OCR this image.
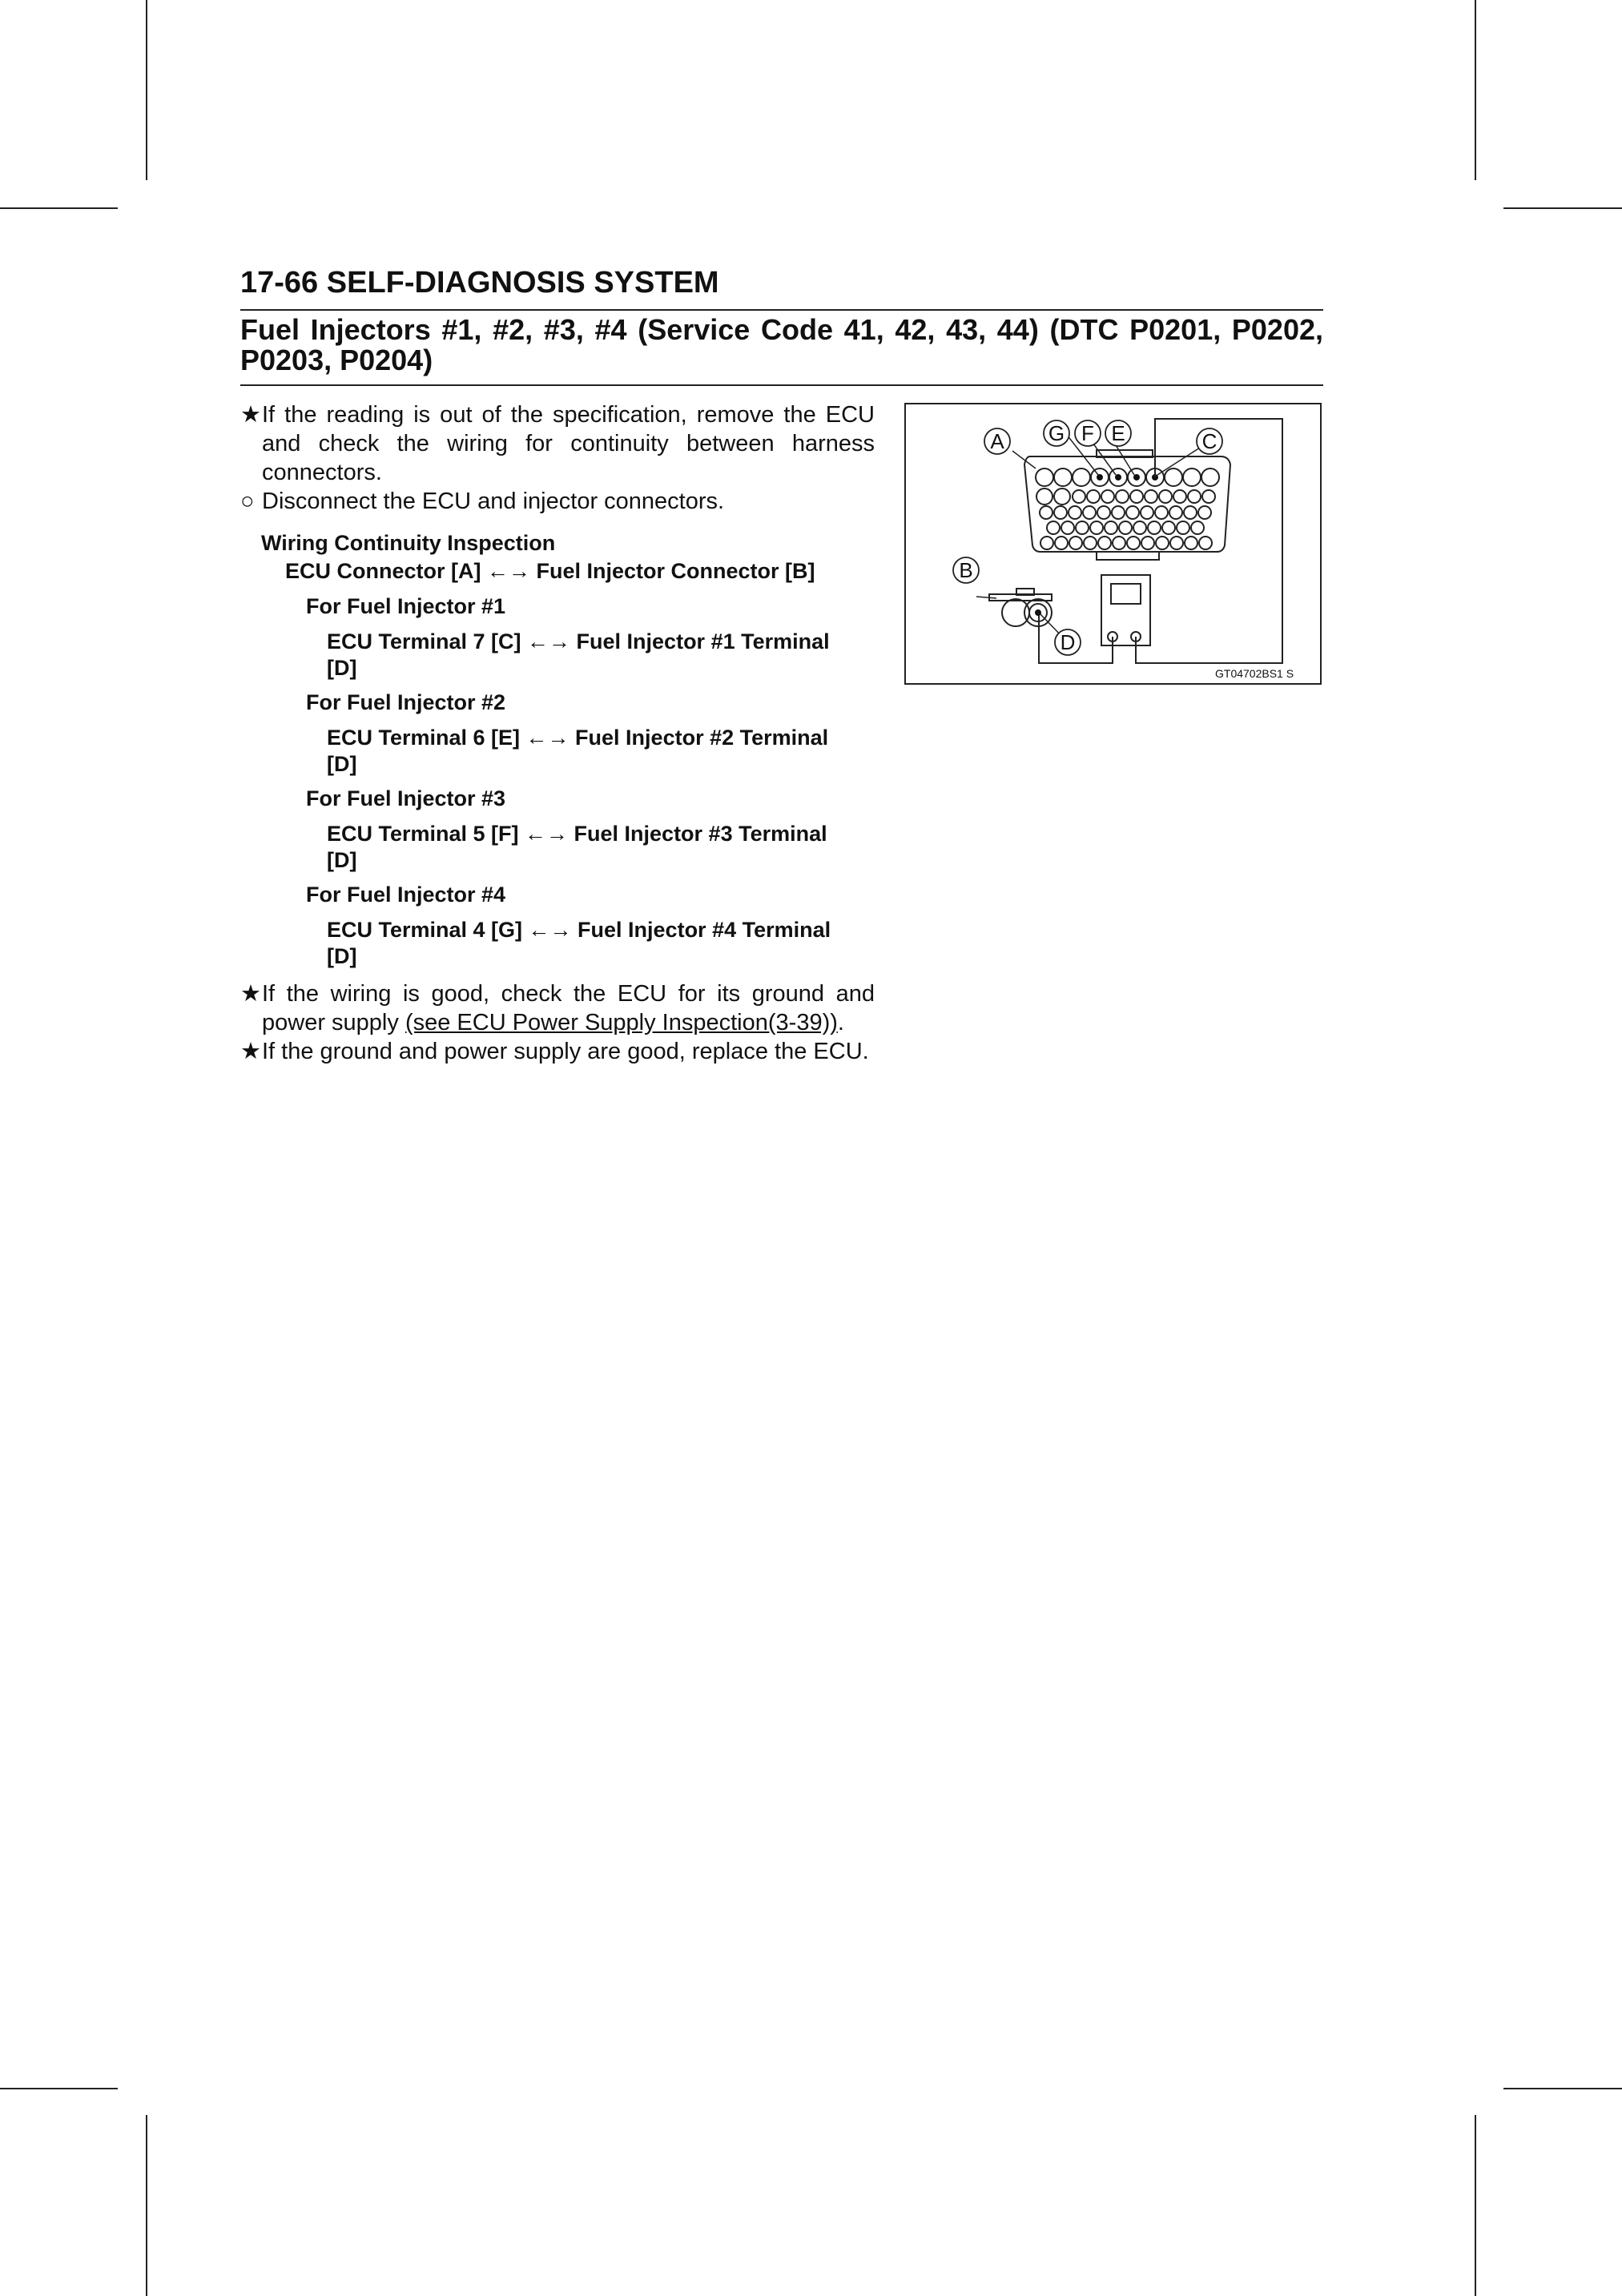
17-66 SELF-DIAGNOSIS SYSTEM
Fuel Injectors #1, #2, #3, #4 (Service Code 41, 42, 43, 44) (DTC P0201, P0202, P0203, P0204)
★ If the reading is out of the specification, remove the ECU and check the wiring for continuity between harness connectors.
○ Disconnect the ECU and injector connectors.
Wiring Continuity Inspection
ECU Connector [A] ←→ Fuel Injector Connector [B]
For Fuel Injector #1
ECU Terminal 7 [C] ←→ Fuel Injector #1 Terminal
[D]
For Fuel Injector #2
ECU Terminal 6 [E] ←→ Fuel Injector #2 Terminal
[D]
For Fuel Injector #3
ECU Terminal 5 [F] ←→ Fuel Injector #3 Terminal
[D]
For Fuel Injector #4
ECU Terminal 4 [G] ←→ Fuel Injector #4 Terminal
[D]
★ If the wiring is good, check the ECU for its ground and power supply (see ECU Power Supply Inspection(3-39)).
★ If the ground and power supply are good, replace the ECU.
A G F E	C
B
D
GT04702BS1 S
